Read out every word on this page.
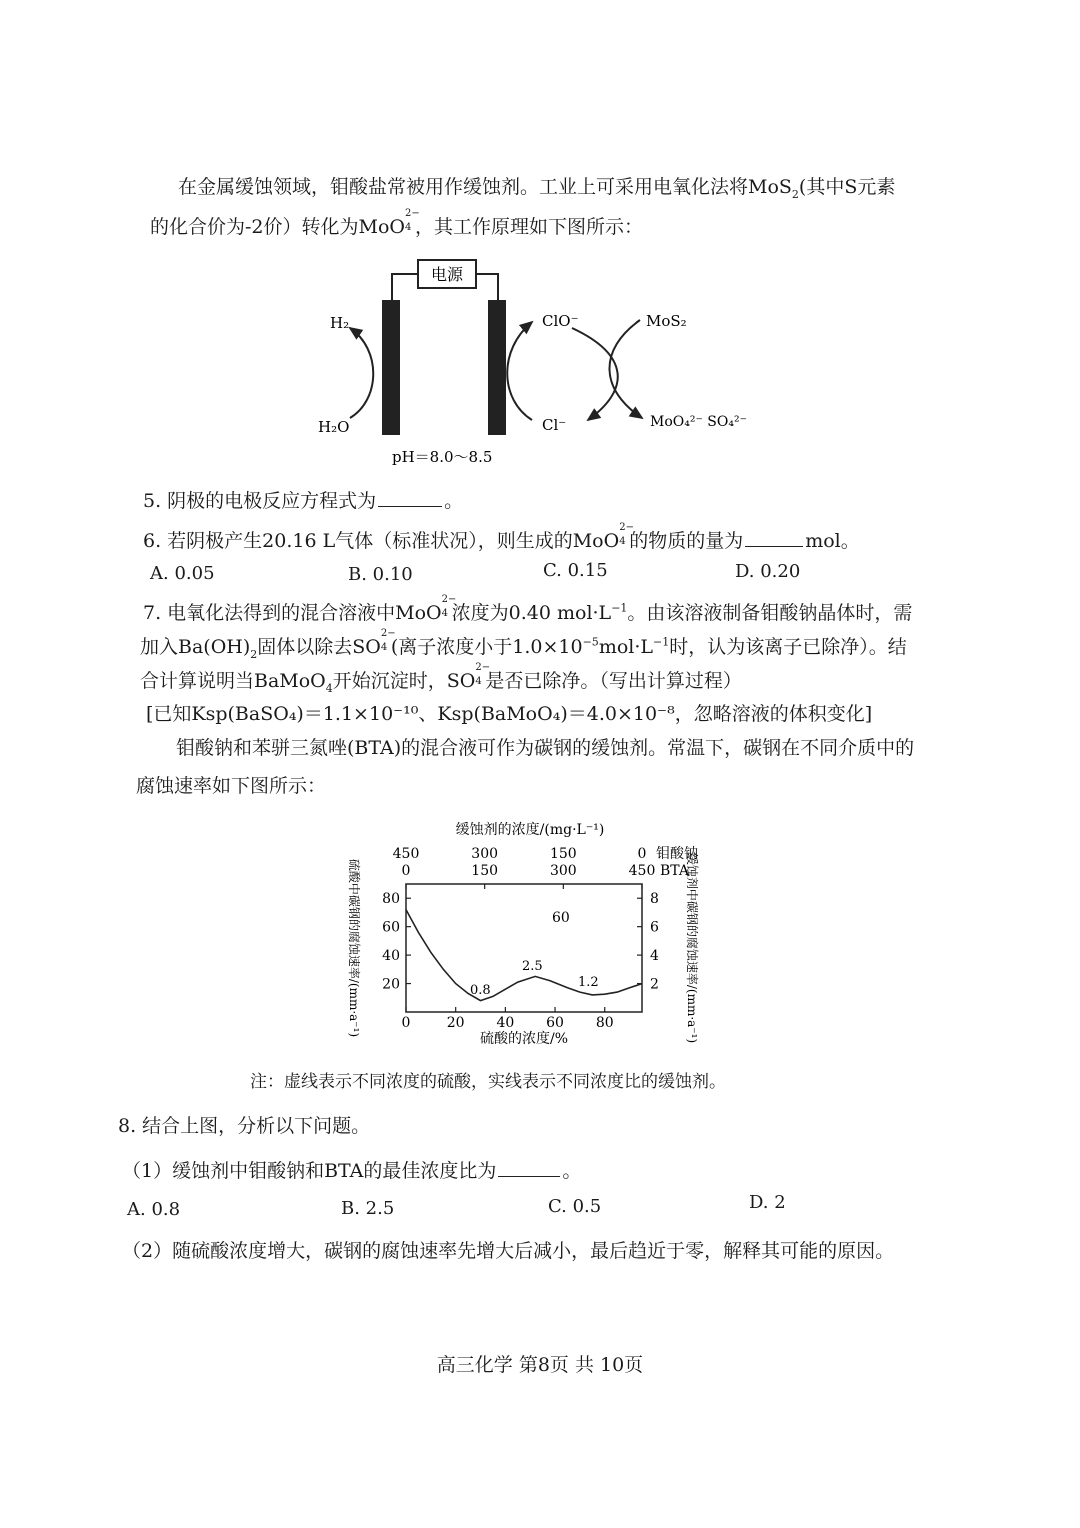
在金属缓蚀领域，钼酸盐常被用作缓蚀剂。工业上可采用电氧化法将MoS$_2$(其中S元素
的化合价为-2价）转化为MoO
2−
4 ，其工作原理如下图所示：
电源
H₂
H₂O
ClO⁻
Cl⁻
MoS₂
MoO₄²⁻ SO₄²⁻
pH＝8.0～8.5
5. 阴极的电极反应方程式为	。
6. 若阴极产生20.16 L气体（标准状况），则生成的MoO
2−
4 的物质的量为	mol。
A. 0.05	B. 0.10	C. 0.15	D. 0.20
7. 电氧化法得到的混合溶液中MoO
2−
4 浓度为0.40 $mol\cdot L^{-1}$。由该溶液制备钼酸钠晶体时，需
加入$Ba(OH)_2$固体以除去SO
2−
4 (离子浓度小于$1.0\times 10^{-5}mol\cdot L^{-1}$时，认为该离子已除净）。结
合计算说明当BaMoO$_4$开始沉淀时，SO
2−
4 是否已除净。（写出计算过程）
[已知Ksp(BaSO₄)＝1.1×10⁻¹⁰、Ksp(BaMoO₄)＝4.0×10⁻⁸，忽略溶液的体积变化]
钼酸钠和苯骈三氮唑(BTA)的混合液可作为碳钢的缓蚀剂。常温下，碳钢在不同介质中的
腐蚀速率如下图所示：
缓蚀剂的浓度/(mg·L⁻¹)
钼酸钠
BTA
450	300	150	0
0	150	300	450
20
40
60
80
2
4
6
8
0	20 40 60 80
硫酸的浓度/%
硫酸中碳钢的腐蚀速率/(mm·a⁻¹)	缓蚀剂中碳钢的腐蚀速率/(mm·a⁻¹)
0.8
2.5
1.2
60
注：虚线表示不同浓度的硫酸，实线表示不同浓度比的缓蚀剂。
8. 结合上图，分析以下问题。
（1）缓蚀剂中钼酸钠和BTA的最佳浓度比为	。
A. 0.8	B. 2.5	C. 0.5	D. 2
（2）随硫酸浓度增大，碳钢的腐蚀速率先增大后减小，最后趋近于零，解释其可能的原因。
高三化学 第8页 共 10页
